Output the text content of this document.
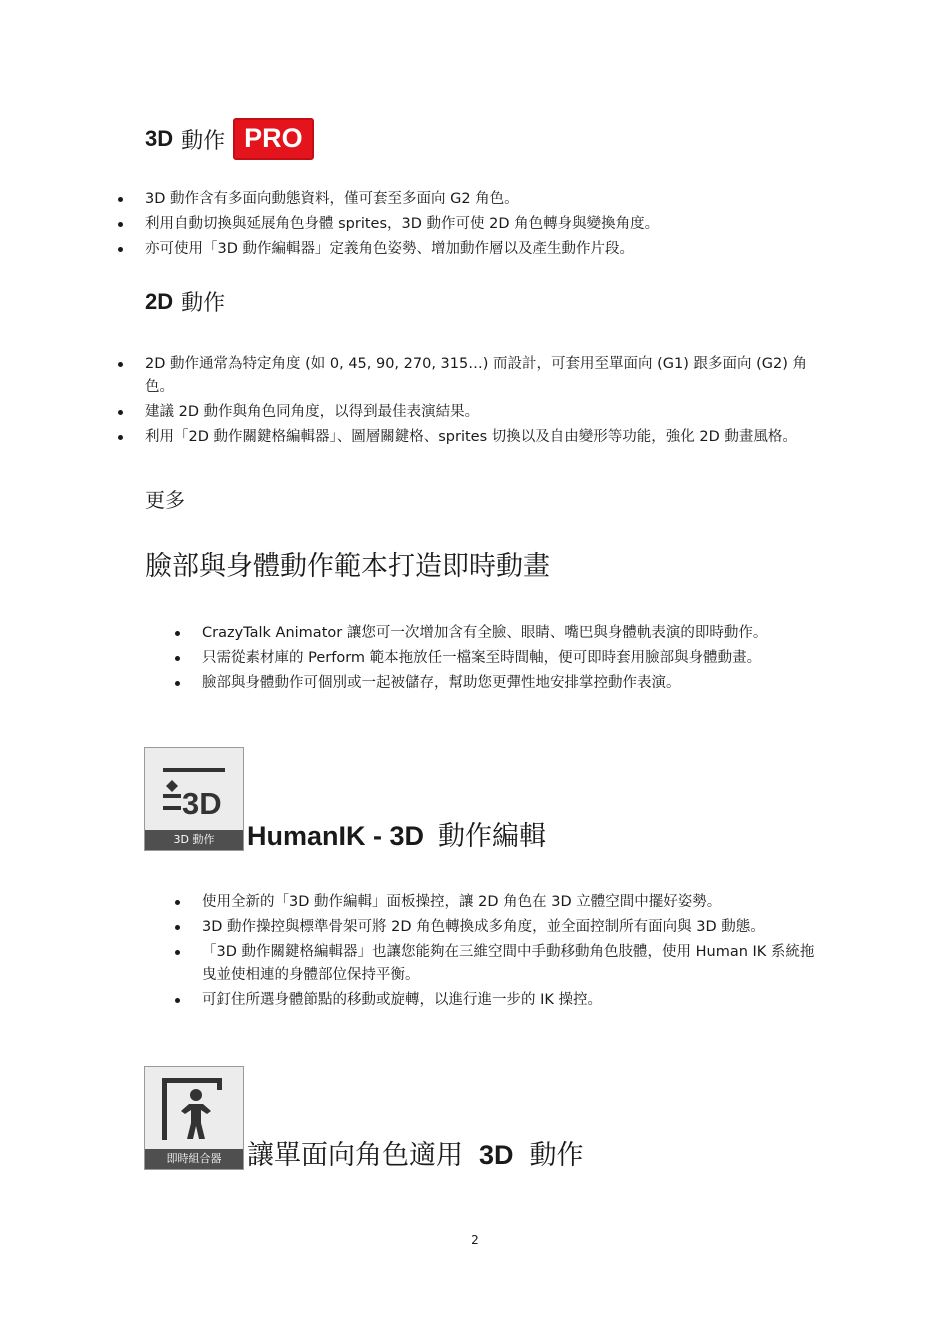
3D 動作 PRO
3D 動作含有多面向動態資料，僅可套至多面向 G2 角色。
利用自動切換與延展角色身體 sprites，3D 動作可使 2D 角色轉身與變換角度。
亦可使用「3D 動作編輯器」定義角色姿勢、增加動作層以及產生動作片段。
2D 動作
2D 動作通常為特定角度 (如 0, 45, 90, 270, 315…) 而設計，可套用至單面向 (G1) 跟多面向 (G2) 角色。
建議 2D 動作與角色同角度，以得到最佳表演結果。
利用「2D 動作關鍵格編輯器」、圖層關鍵格、sprites 切換以及自由變形等功能，強化 2D 動畫風格。
更多
臉部與身體動作範本打造即時動畫
CrazyTalk Animator 讓您可一次增加含有全臉、眼睛、嘴巴與身體軌表演的即時動作。
只需從素材庫的 Perform 範本拖放任一檔案至時間軸，便可即時套用臉部與身體動畫。
臉部與身體動作可個別或一起被儲存，幫助您更彈性地安排掌控動作表演。
3D
3D 動作	HumanIK - 3D 動作編輯
使用全新的「3D 動作編輯」面板操控，讓 2D 角色在 3D 立體空間中擺好姿勢。
3D 動作操控與標準骨架可將 2D 角色轉換成多角度，並全面控制所有面向與 3D 動態。
「3D 動作關鍵格編輯器」也讓您能夠在三維空間中手動移動角色肢體，使用 Human IK 系統拖曳並使相連的身體部位保持平衡。
可釘住所選身體節點的移動或旋轉，以進行進一步的 IK 操控。
即時組合器 讓單面向角色適用 3D 動作
2
